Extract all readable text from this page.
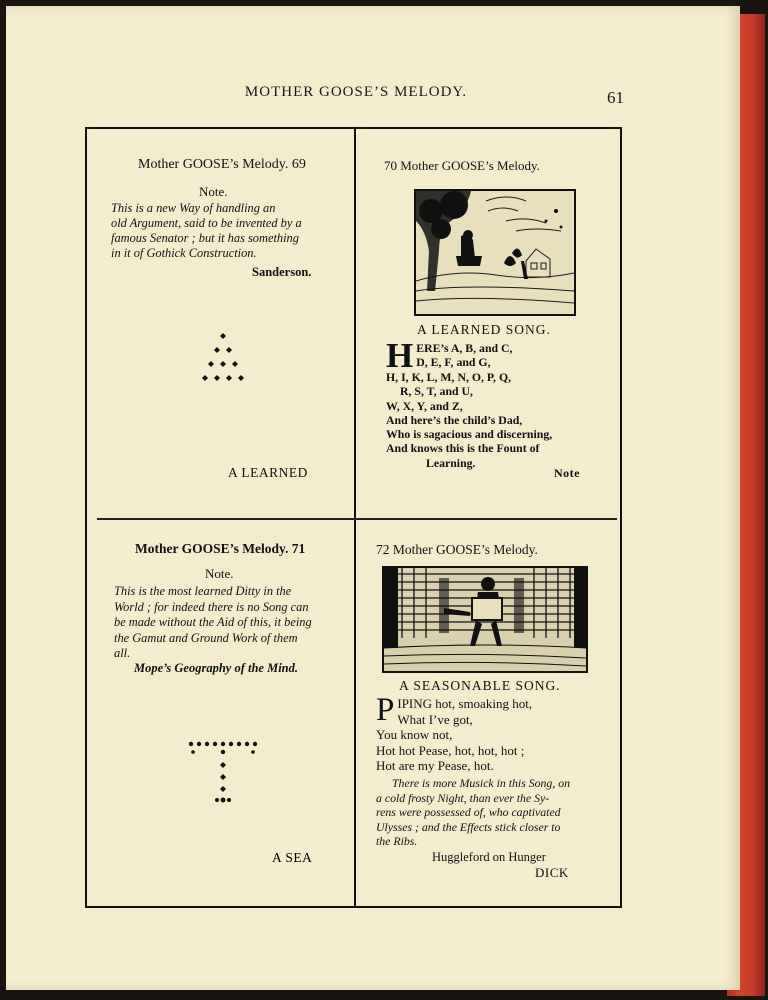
MOTHER GOOSE’S MELODY.	61
Mother GOOSE’s Melody. 69
Note.
This is a new Way of handling an
old Argument, said to be invented by a
famous Senator ; but it has something
in it of Gothick Construction.
Sanderson.
A LEARNED
70 Mother GOOSE’s Melody.
A LEARNED SONG.
H ERE’s A, B, and C,
D, E, F, and G,
H, I, K, L, M, N, O, P, Q,
R, S, T, and U,
W, X, Y, and Z,
And here’s the child’s Dad,
Who is sagacious and discerning,
And knows this is the Fount of
Learning.
Note
Mother GOOSE’s Melody. 71
Note.
This is the most learned Ditty in the
World ; for indeed there is no Song can
be made without the Aid of this, it being
the Gamut and Ground Work of them
all.
Mope’s Geography of the Mind.
72 Mother GOOSE’s Melody.
A SEASONABLE SONG.
P IPING hot, smoaking hot,
What I’ve got,
You know not,
Hot hot Pease, hot, hot, hot ;
Hot are my Pease, hot.
There is more Musick in this Song, on
a cold frosty Night, than ever the Sy-
rens were possessed of, who captivated
Ulysses ; and the Effects stick closer to
the Ribs.
Huggleford on Hunger
DICK
A SEA
